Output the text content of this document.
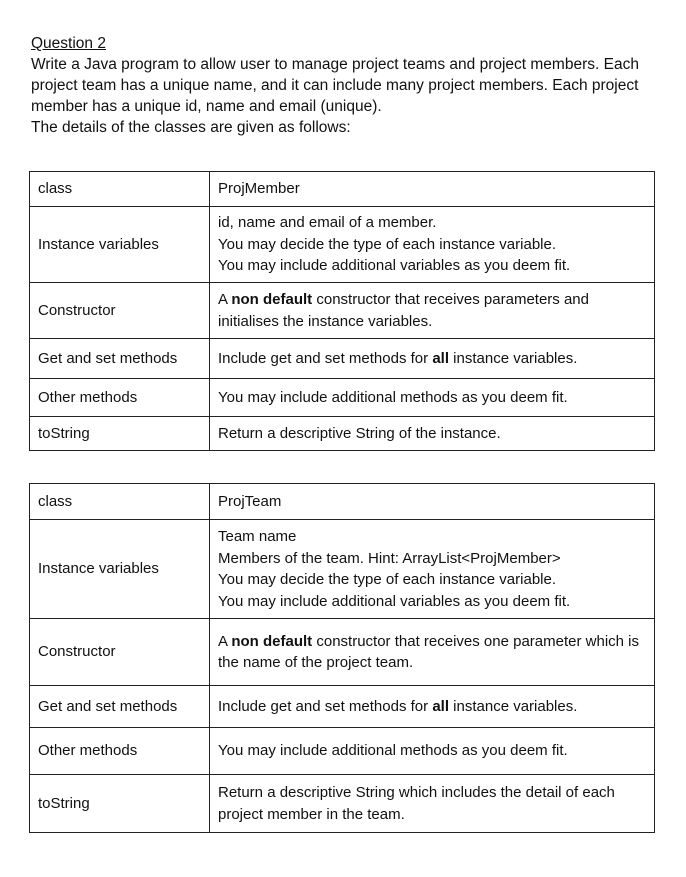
Question 2

Write a Java program to allow user to manage project teams and project members. Each project team has a unique name, and it can include many project members. Each project member has a unique id, name and email (unique).

The details of the classes are given as follows:

class	ProjMember
Instance variables	id, name and email of a member.
You may decide the type of each instance variable.
You may include additional variables as you deem fit.

Constructor	A non default constructor that receives parameters and initialises the instance variables.
Get and set methods	Include get and set methods for all instance variables.
Other methods	You may include additional methods as you deem fit.
toString	Return a descriptive String of the instance.
class	ProjTeam
Instance variables	Team name
Members of the team. Hint: ArrayList<ProjMember>
You may decide the type of each instance variable.
You may include additional variables as you deem fit.

Constructor	A non default constructor that receives one parameter which is the name of the project team.
Get and set methods	Include get and set methods for all instance variables.
Other methods	You may include additional methods as you deem fit.
toString	Return a descriptive String which includes the detail of each project member in the team.
